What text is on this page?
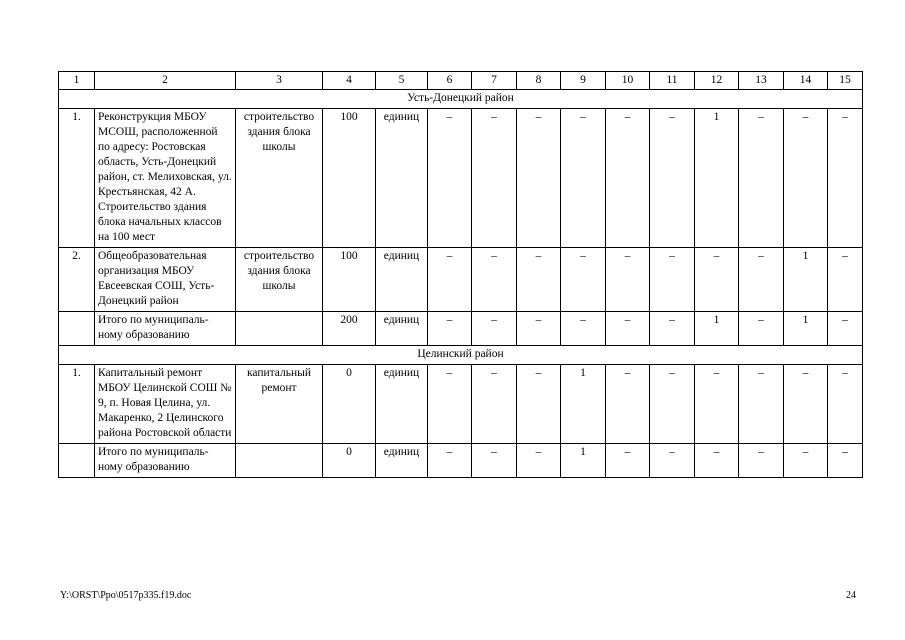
1	2	3	4	5	6	7	8	9	10	11	12	13	14	15
Усть-Донецкий район														
1.	Реконструкция МБОУ МСОШ, расположенной по адресу: Ростовская область, Усть-Донецкий район, ст. Мелиховская, ул. Крестьянская, 42 А. Строительство здания блока начальных классов на 100 мест	строительство здания блока школы	100	единиц	–	–	–	–	–	–	1	–	–	–
2.	Общеобразовательная организация МБОУ Евсеевская СОШ, Усть-Донецкий район	строительство здания блока школы	100	единиц	–	–	–	–	–	–	–	–	1	–
	Итого по муниципаль-ному образованию		200	единиц	–	–	–	–	–	–	1	–	1	–
Целинский район														
1.	Капитальный ремонт МБОУ Целинской СОШ № 9, п. Новая Целина, ул. Макаренко, 2 Целинского района Ростовской области	капитальный ремонт	0	единиц	–	–	–	1	–	–	–	–	–	–
	Итого по муниципаль-ному образованию		0	единиц	–	–	–	1	–	–	–	–	–	–
Y:\ORST\Ppo\0517p335.f19.doc	24
